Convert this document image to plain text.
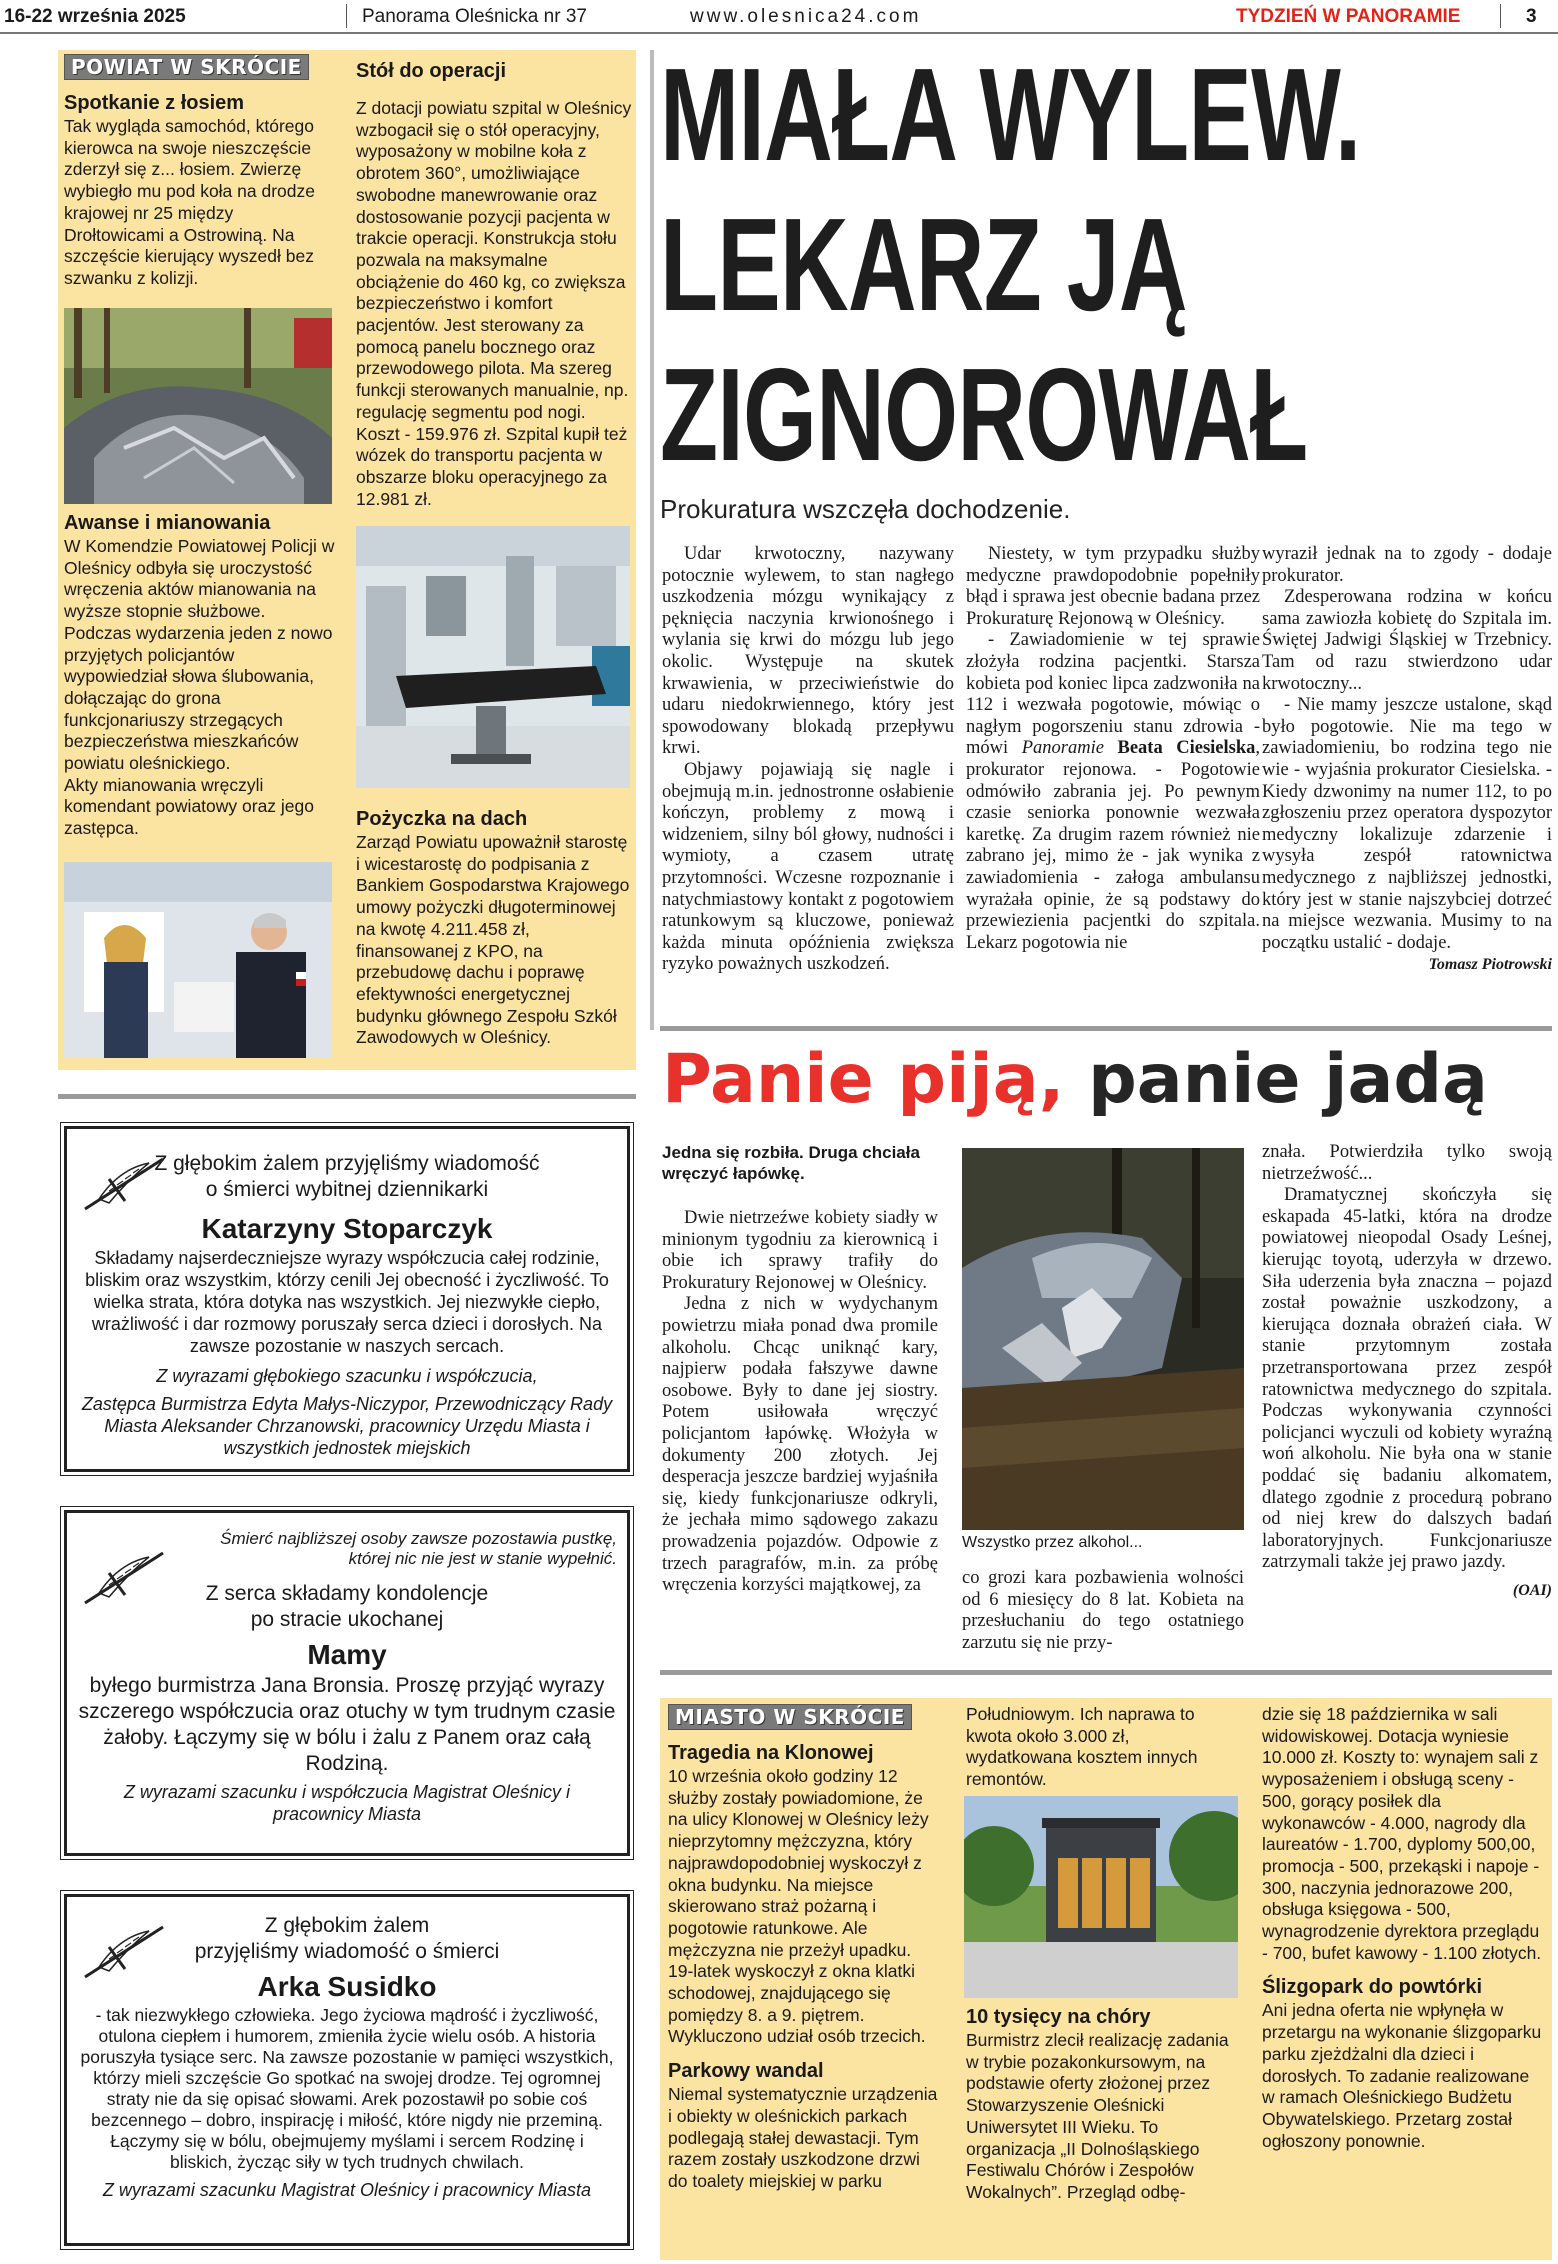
16-22 września 2025	Panorama Oleśnicka nr 37	www.olesnica24.com	TYDZIEŃ W PANORAMIE	3
POWIAT W SKRÓCIE
Spotkanie z łosiem
Tak wygląda samochód, którego kierowca na swoje nieszczęście zderzył się z... łosiem. Zwierzę wybiegło mu pod koła na drodze krajowej nr 25 między Drołtowicami a Ostrowiną. Na szczęście kierujący wyszedł bez szwanku z kolizji.
Awanse i mianowania
W Komendzie Powiatowej Policji w Oleśnicy odbyła się uroczystość wręczenia aktów mianowania na wyższe stopnie służbowe. Podczas wydarzenia jeden z nowo przyjętych policjantów wypowiedział słowa ślubowania, dołączając do grona funkcjonariuszy strzegących bezpieczeństwa mieszkańców powiatu oleśnickiego.
Akty mianowania wręczyli komendant powiatowy oraz jego zastępca.
Stół do operacji
Z dotacji powiatu szpital w Oleśnicy wzbogacił się o stół operacyjny, wyposażony w mobilne koła z obrotem 360°, umożliwiające swobodne manewrowanie oraz dostosowanie pozycji pacjenta w trakcie operacji. Konstrukcja stołu pozwala na maksymalne obciążenie do 460 kg, co zwiększa bezpieczeństwo i komfort pacjentów. Jest sterowany za pomocą panelu bocznego oraz przewodowego pilota. Ma szereg funkcji sterowanych manualnie, np. regulację segmentu pod nogi. Koszt - 159.976 zł. Szpital kupił też wózek do transportu pacjenta w obszarze bloku operacyjnego za 12.981 zł.
Pożyczka na dach
Zarząd Powiatu upoważnił starostę i wicestarostę do podpisania z Bankiem Gospodarstwa Krajowego umowy pożyczki długoterminowej na kwotę 4.211.458 zł, finansowanej z KPO, na przebudowę dachu i poprawę efektywności energetycznej budynku głównego Zespołu Szkół Zawodowych w Oleśnicy.
MIAŁA WYLEW.
LEKARZ JĄ
ZIGNOROWAŁ
Prokuratura wszczęła dochodzenie.

Udar krwotoczny, nazywany potocznie wylewem, to stan nagłego uszkodzenia mózgu wynikający z pęknięcia naczynia krwionośnego i wylania się krwi do mózgu lub jego okolic. Występuje na skutek krwawienia, w przeciwieństwie do udaru niedokrwiennego, który jest spowodowany blokadą przepływu krwi.

Objawy pojawiają się nagle i obejmują m.in. jednostronne osłabienie kończyn, problemy z mową i widzeniem, silny ból głowy, nudności i wymioty, a czasem utratę przytomności. Wczesne rozpoznanie i natychmiastowy kontakt z pogotowiem ratunkowym są kluczowe, ponieważ każda minuta opóźnienia zwiększa ryzyko poważnych uszkodzeń.

Niestety, w tym przypadku służby medyczne prawdopodobnie popełniły błąd i sprawa jest obecnie badana przez Prokuraturę Rejonową w Oleśnicy.

- Zawiadomienie w tej sprawie złożyła rodzina pacjentki. Starsza kobieta pod koniec lipca zadzwoniła na 112 i wezwała pogotowie, mówiąc o nagłym pogorszeniu stanu zdrowia - mówi Panoramie Beata Ciesielska, prokurator rejonowa. - Pogotowie odmówiło zabrania jej. Po pewnym czasie seniorka ponownie wezwała karetkę. Za drugim razem również nie zabrano jej, mimo że - jak wynika z zawiadomienia - załoga ambulansu wyrażała opinie, że są podstawy do przewiezienia pacjentki do szpitala. Lekarz pogotowia nie

wyraził jednak na to zgody - dodaje prokurator.

Zdesperowana rodzina w końcu sama zawiozła kobietę do Szpitala im. Świętej Jadwigi Śląskiej w Trzebnicy. Tam od razu stwierdzono udar krwotoczny...

- Nie mamy jeszcze ustalone, skąd było pogotowie. Nie ma tego w zawiadomieniu, bo rodzina tego nie wie - wyjaśnia prokurator Ciesielska. - Kiedy dzwonimy na numer 112, to po zgłoszeniu przez operatora dyspozytor medyczny lokalizuje zdarzenie i wysyła zespół ratownictwa medycznego z najbliższej jednostki, który jest w stanie najszybciej dotrzeć na miejsce wezwania. Musimy to na początku ustalić - dodaje.

Tomasz Piotrowski

Panie piją, panie jadą

Jedna się rozbiła. Druga chciała wręczyć łapówkę.

Dwie nietrzeźwe kobiety siadły w minionym tygodniu za kierownicą i obie ich sprawy trafiły do Prokuratury Rejonowej w Oleśnicy.

Jedna z nich w wydychanym powietrzu miała ponad dwa promile alkoholu. Chcąc uniknąć kary, najpierw podała fałszywe dawne osobowe. Były to dane jej siostry. Potem usiłowała wręczyć policjantom łapówkę. Włożyła w dokumenty 200 złotych. Jej desperacja jeszcze bardziej wyjaśniła się, kiedy funkcjonariusze odkryli, że jechała mimo sądowego zakazu prowadzenia pojazdów. Odpowie z trzech paragrafów, m.in. za próbę wręczenia korzyści majątkowej, za

Wszystko przez alkohol...

co grozi kara pozbawienia wolności od 6 miesięcy do 8 lat. Kobieta na przesłuchaniu do tego ostatniego zarzutu się nie przy-

znała. Potwierdziła tylko swoją nietrzeźwość...

Dramatycznej skończyła się eskapada 45-latki, która na drodze powiatowej nieopodal Osady Leśnej, kierując toyotą, uderzyła w drzewo. Siła uderzenia była znaczna – pojazd został poważnie uszkodzony, a kierująca doznała obrażeń ciała. W stanie przytomnym została przetransportowana przez zespół ratownictwa medycznego do szpitala. Podczas wykonywania czynności policjanci wyczuli od kobiety wyraźną woń alkoholu. Nie była ona w stanie poddać się badaniu alkomatem, dlatego zgodnie z procedurą pobrano od niej krew do dalszych badań laboratoryjnych. Funkcjonariusze zatrzymali także jej prawo jazdy.

(OAI)

MIASTO W SKRÓCIE
Tragedia na Klonowej
10 września około godziny 12 służby zostały powiadomione, że na ulicy Klonowej w Oleśnicy leży nieprzytomny mężczyzna, który najprawdopodobniej wyskoczył z okna budynku. Na miejsce skierowano straż pożarną i pogotowie ratunkowe. Ale mężczyzna nie przeżył upadku. 19-latek wyskoczył z okna klatki schodowej, znajdującego się pomiędzy 8. a 9. piętrem. Wykluczono udział osób trzecich.
Parkowy wandal
Niemal systematycznie urządzenia i obiekty w oleśnickich parkach podlegają stałej dewastacji. Tym razem zostały uszkodzone drzwi do toalety miejskiej w parku
Południowym. Ich naprawa to kwota około 3.000 zł, wydatkowana kosztem innych remontów.
10 tysięcy na chóry
Burmistrz zlecił realizację zadania w trybie pozakonkursowym, na podstawie oferty złożonej przez Stowarzyszenie Oleśnicki Uniwersytet III Wieku. To organizacja „II Dolnośląskiego Festiwalu Chórów i Zespołów Wokalnych”. Przegląd odbę-
dzie się 18 października w sali widowiskowej. Dotacja wyniesie 10.000 zł. Koszty to: wynajem sali z wyposażeniem i obsługą sceny - 500, gorący posiłek dla wykonawców - 4.000, nagrody dla laureatów - 1.700, dyplomy 500,00, promocja - 500, przekąski i napoje - 300, naczynia jednorazowe 200, obsługa księgowa - 500, wynagrodzenie dyrektora przeglądu - 700, bufet kawowy - 1.100 złotych.
Ślizgopark do powtórki
Ani jedna oferta nie wpłynęła w przetargu na wykonanie ślizgoparku parku zjeżdżalni dla dzieci i dorosłych. To zadanie realizowane w ramach Oleśnickiego Budżetu Obywatelskiego. Przetarg został ogłoszony ponownie.
Z głębokim żalem przyjęliśmy wiadomość
o śmierci wybitnej dziennikarki
Katarzyny Stoparczyk
Składamy najserdeczniejsze wyrazy współczucia całej rodzinie, bliskim oraz wszystkim, którzy cenili Jej obecność i życzliwość. To wielka strata, która dotyka nas wszystkich. Jej niezwykłe ciepło, wrażliwość i dar rozmowy poruszały serca dzieci i dorosłych. Na zawsze pozostanie w naszych sercach.
Z wyrazami głębokiego szacunku i współczucia,
Zastępca Burmistrza Edyta Małys-Niczypor, Przewodniczący Rady Miasta Aleksander Chrzanowski, pracownicy Urzędu Miasta i wszystkich jednostek miejskich
Śmierć najbliższej osoby zawsze pozostawia pustkę, której nic nie jest w stanie wypełnić.
Z serca składamy kondolencje
po stracie ukochanej
Mamy
byłego burmistrza Jana Bronsia. Proszę przyjąć wyrazy szczerego współczucia oraz otuchy w tym trudnym czasie żałoby. Łączymy się w bólu i żalu z Panem oraz całą Rodziną.
Z wyrazami szacunku i współczucia Magistrat Oleśnicy i pracownicy Miasta
Z głębokim żalem
przyjęliśmy wiadomość o śmierci
Arka Susidko
- tak niezwykłego człowieka. Jego życiowa mądrość i życzliwość, otulona ciepłem i humorem, zmieniła życie wielu osób. A historia poruszyła tysiące serc. Na zawsze pozostanie w pamięci wszystkich, którzy mieli szczęście Go spotkać na swojej drodze. Tej ogromnej straty nie da się opisać słowami. Arek pozostawił po sobie coś bezcennego – dobro, inspirację i miłość, które nigdy nie przeminą. Łączymy się w bólu, obejmujemy myślami i sercem Rodzinę i bliskich, życząc siły w tych trudnych chwilach.
Z wyrazami szacunku Magistrat Oleśnicy i pracownicy Miasta
